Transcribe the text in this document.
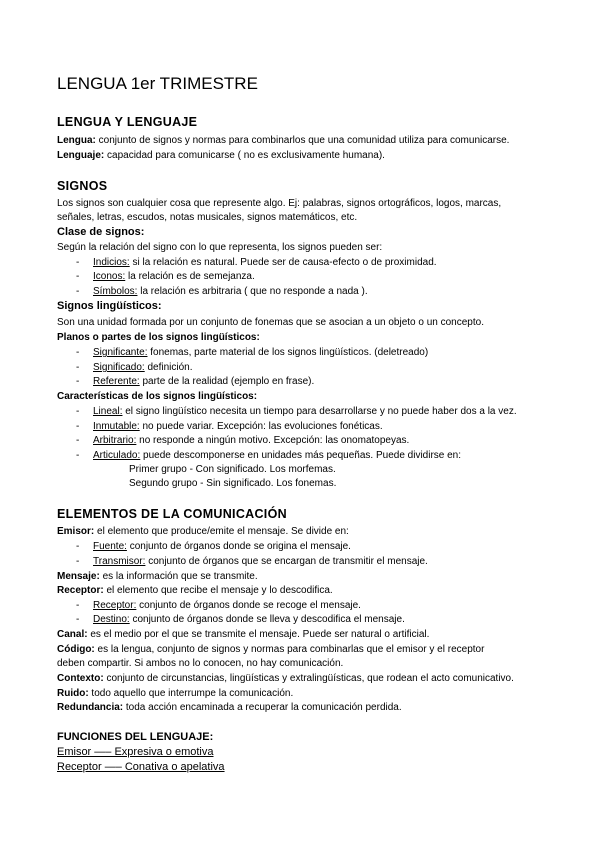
LENGUA 1er TRIMESTRE
LENGUA Y LENGUAJE
Lengua: conjunto de signos y normas para combinarlos que una comunidad utiliza para comunicarse.
Lenguaje: capacidad para comunicarse ( no es exclusivamente humana).
SIGNOS
Los signos son cualquier cosa que represente algo. Ej: palabras, signos ortográficos, logos, marcas,
señales, letras, escudos, notas musicales, signos matemáticos, etc.
Clase de signos:
Según la relación del signo con lo que representa, los signos pueden ser:
- Indicios: si la relación es natural. Puede ser de causa-efecto o de proximidad.
- Iconos: la relación es de semejanza.
- Símbolos: la relación es arbitraria ( que no responde a nada ).
Signos lingüísticos:
Son una unidad formada por un conjunto de fonemas que se asocian a un objeto o un concepto.
Planos o partes de los signos lingüísticos:
- Significante: fonemas, parte material de los signos lingüísticos. (deletreado)
- Significado: definición.
- Referente: parte de la realidad (ejemplo en frase).
Características de los signos lingüísticos:
- Lineal: el signo lingüístico necesita un tiempo para desarrollarse y no puede haber dos a la vez.
- Inmutable: no puede variar. Excepción: las evoluciones fonéticas.
- Arbitrario: no responde a ningún motivo. Excepción: las onomatopeyas.
- Articulado: puede descomponerse en unidades más pequeñas. Puede dividirse en:
Primer grupo - Con significado. Los morfemas.
Segundo grupo - Sin significado. Los fonemas.
ELEMENTOS DE LA COMUNICACIÓN
Emisor: el elemento que produce/emite el mensaje. Se divide en:
- Fuente: conjunto de órganos donde se origina el mensaje.
- Transmisor: conjunto de órganos que se encargan de transmitir el mensaje.
Mensaje: es la información que se transmite.
Receptor: el elemento que recibe el mensaje y lo descodifica.
- Receptor: conjunto de órganos donde se recoge el mensaje.
- Destino: conjunto de órganos donde se lleva y descodifica el mensaje.
Canal: es el medio por el que se transmite el mensaje. Puede ser natural o artificial.
Código: es la lengua, conjunto de signos y normas para combinarlas que el emisor y el receptor
deben compartir. Si ambos no lo conocen, no hay comunicación.
Contexto: conjunto de circunstancias, lingüísticas y extralingüísticas, que rodean el acto comunicativo.
Ruido: todo aquello que interrumpe la comunicación.
Redundancia: toda acción encaminada a recuperar la comunicación perdida.
FUNCIONES DEL LENGUAJE:
Emisor —– Expresiva o emotiva
Receptor —– Conativa o apelativa
